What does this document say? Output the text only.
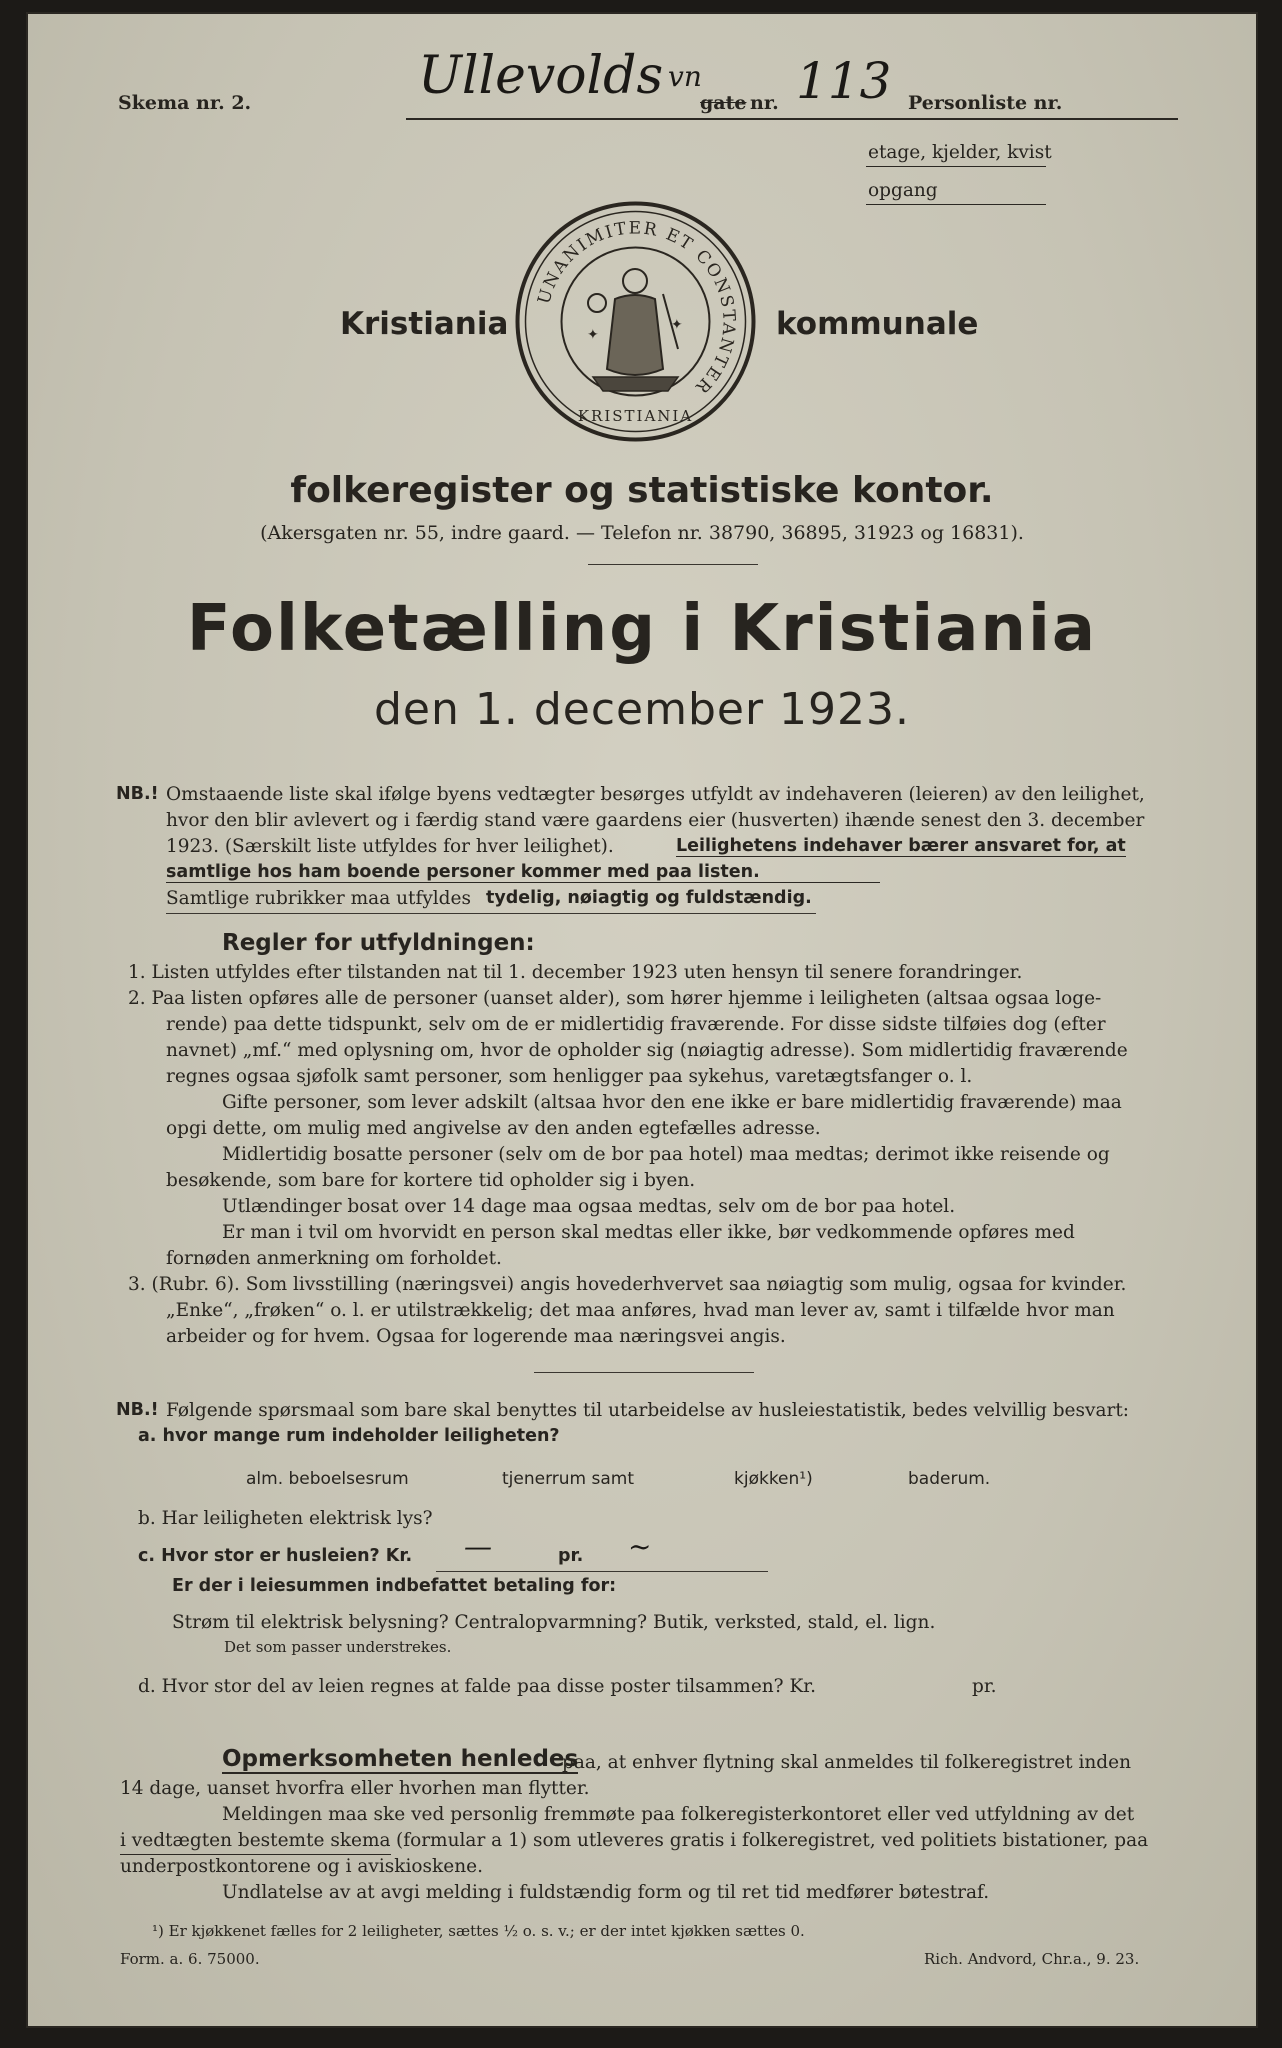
Skema nr. 2.	Ullevolds vn
gate nr. 113 Personliste nr.
etage, kjelder, kvist
opgang
Kristiania	kommunale
UNANIMITER ET CONSTANTER
✦
✦
KRISTIANIA
folkeregister og statistiske kontor.
(Akersgaten nr. 55, indre gaard. — Telefon nr. 38790, 36895, 31923 og 16831).
Folketælling i Kristiania
den 1. december 1923.
NB.! Omstaaende liste skal ifølge byens vedtægter besørges utfyldt av indehaveren (leieren) av den leilighet,
hvor den blir avlevert og i færdig stand være gaardens eier (husverten) ihænde senest den 3. december
1923. (Særskilt liste utfyldes for hver leilighet).	Leilighetens indehaver bærer ansvaret for, at
samtlige hos ham boende personer kommer med paa listen.
Samtlige rubrikker maa utfyldes tydelig, nøiagtig og fuldstændig.
Regler for utfyldningen:
1. Listen utfyldes efter tilstanden nat til 1. december 1923 uten hensyn til senere forandringer.
2. Paa listen opføres alle de personer (uanset alder), som hører hjemme i leiligheten (altsaa ogsaa loge-
rende) paa dette tidspunkt, selv om de er midlertidig fraværende. For disse sidste tilføies dog (efter
navnet) „mf.“ med oplysning om, hvor de opholder sig (nøiagtig adresse). Som midlertidig fraværende
regnes ogsaa sjøfolk samt personer, som henligger paa sykehus, varetægtsfanger o. l.
Gifte personer, som lever adskilt (altsaa hvor den ene ikke er bare midlertidig fraværende) maa
opgi dette, om mulig med angivelse av den anden egtefælles adresse.
Midlertidig bosatte personer (selv om de bor paa hotel) maa medtas; derimot ikke reisende og
besøkende, som bare for kortere tid opholder sig i byen.
Utlændinger bosat over 14 dage maa ogsaa medtas, selv om de bor paa hotel.
Er man i tvil om hvorvidt en person skal medtas eller ikke, bør vedkommende opføres med
fornøden anmerkning om forholdet.
3. (Rubr. 6). Som livsstilling (næringsvei) angis hovederhvervet saa nøiagtig som mulig, ogsaa for kvinder.
„Enke“, „frøken“ o. l. er utilstrækkelig; det maa anføres, hvad man lever av, samt i tilfælde hvor man
arbeider og for hvem. Ogsaa for logerende maa næringsvei angis.
NB.! Følgende spørsmaal som bare skal benyttes til utarbeidelse av husleiestatistik, bedes velvillig besvart:
a. hvor mange rum indeholder leiligheten?
alm. beboelsesrum	tjenerrum samt	kjøkken¹)	baderum.
b. Har leiligheten elektrisk lys?
c. Hvor stor er husleien? Kr. —	pr. ~
Er der i leiesummen indbefattet betaling for:
Strøm til elektrisk belysning? Centralopvarmning? Butik, verksted, stald, el. lign.
Det som passer understrekes.
d. Hvor stor del av leien regnes at falde paa disse poster tilsammen? Kr.	pr.
Opmerksomheten henledes
paa, at enhver flytning skal anmeldes til folkeregistret inden
14 dage, uanset hvorfra eller hvorhen man flytter.
Meldingen maa ske ved personlig fremmøte paa folkeregisterkontoret eller ved utfyldning av det
i vedtægten bestemte skema (formular a 1) som utleveres gratis i folkeregistret, ved politiets bistationer, paa
underpostkontorene og i aviskioskene.
Undlatelse av at avgi melding i fuldstændig form og til ret tid medfører bøtestraf.
¹) Er kjøkkenet fælles for 2 leiligheter, sættes ½ o. s. v.; er der intet kjøkken sættes 0.
Form. a. 6. 75000.	Rich. Andvord, Chr.a., 9. 23.
